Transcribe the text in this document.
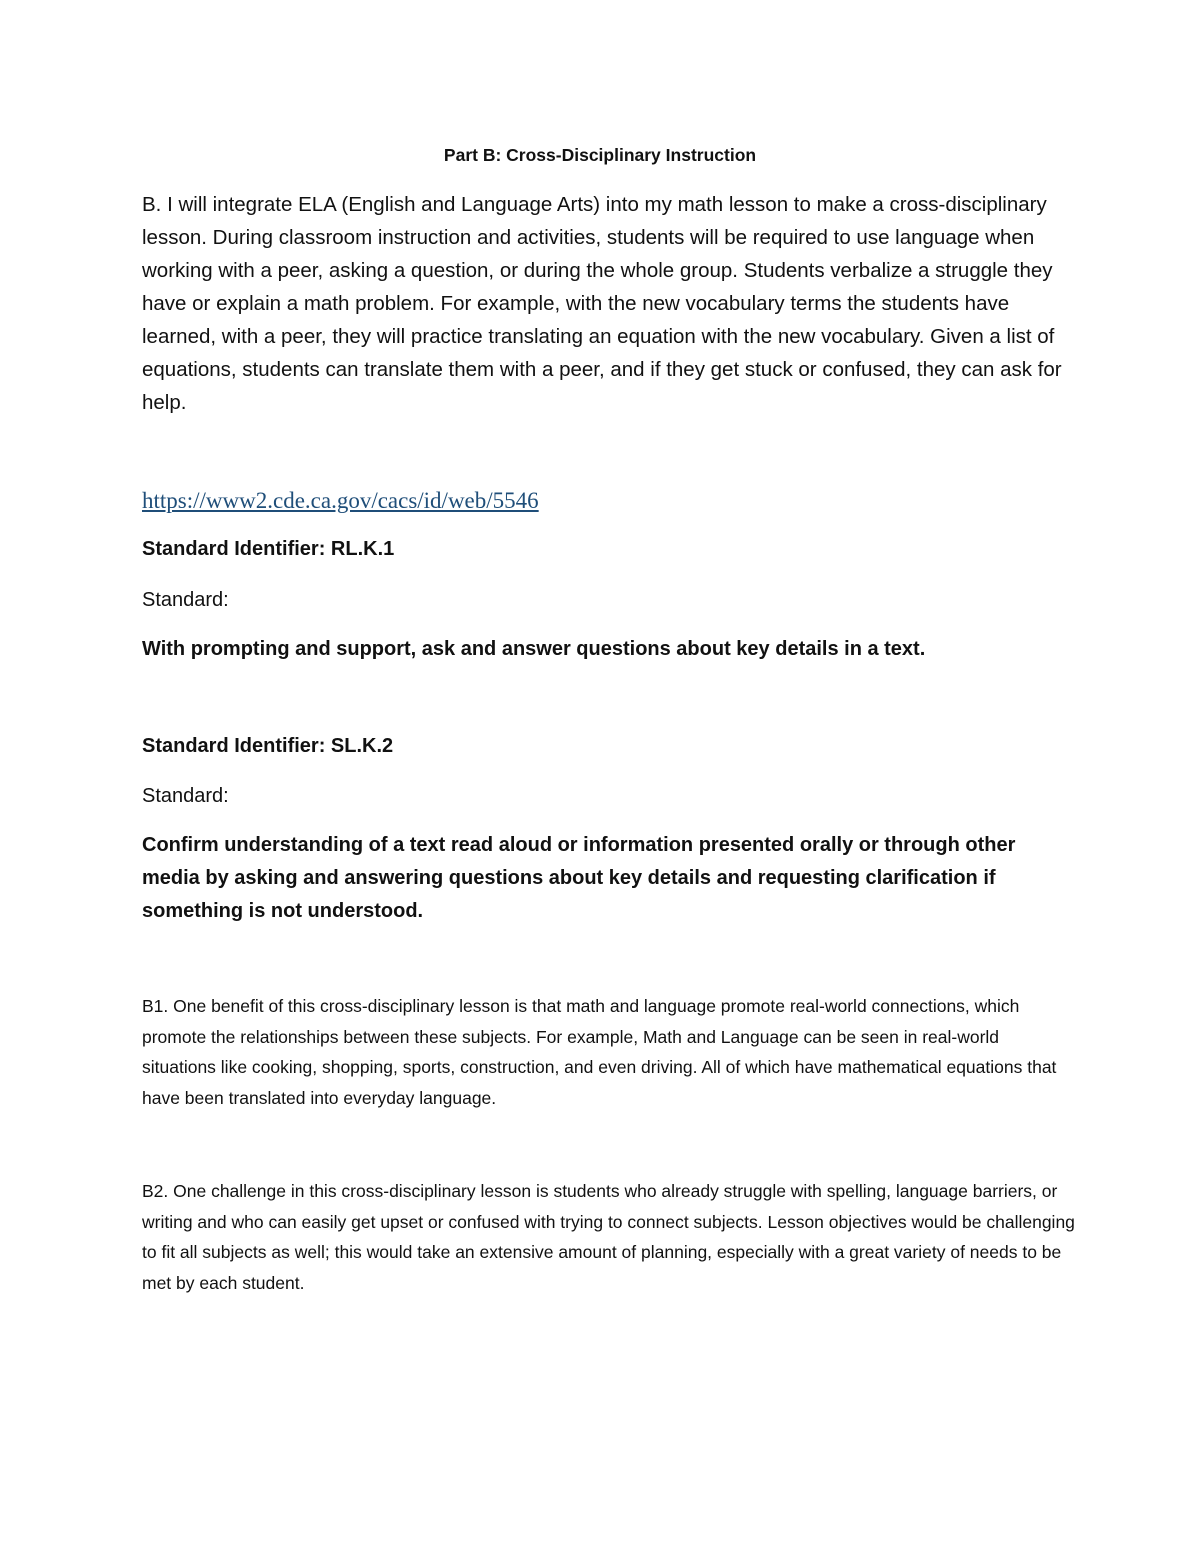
Part B: Cross-Disciplinary Instruction

B. I will integrate ELA (English and Language Arts) into my math lesson to make a cross-disciplinary lesson. During classroom instruction and activities, students will be required to use language when working with a peer, asking a question, or during the whole group. Students verbalize a struggle they have or explain a math problem. For example, with the new vocabulary terms the students have learned, with a peer, they will practice translating an equation with the new vocabulary. Given a list of equations, students can translate them with a peer, and if they get stuck or confused, they can ask for help.

https://www2.cde.ca.gov/cacs/id/web/5546

Standard Identifier: RL.K.1

Standard:

With prompting and support, ask and answer questions about key details in a text.

Standard Identifier: SL.K.2

Standard:

Confirm understanding of a text read aloud or information presented orally or through other media by asking and answering questions about key details and requesting clarification if something is not understood.

B1. One benefit of this cross-disciplinary lesson is that math and language promote real-world connections, which promote the relationships between these subjects. For example, Math and Language can be seen in real-world situations like cooking, shopping, sports, construction, and even driving. All of which have mathematical equations that have been translated into everyday language.

B2. One challenge in this cross-disciplinary lesson is students who already struggle with spelling, language barriers, or writing and who can easily get upset or confused with trying to connect subjects. Lesson objectives would be challenging to fit all subjects as well; this would take an extensive amount of planning, especially with a great variety of needs to be met by each student.
